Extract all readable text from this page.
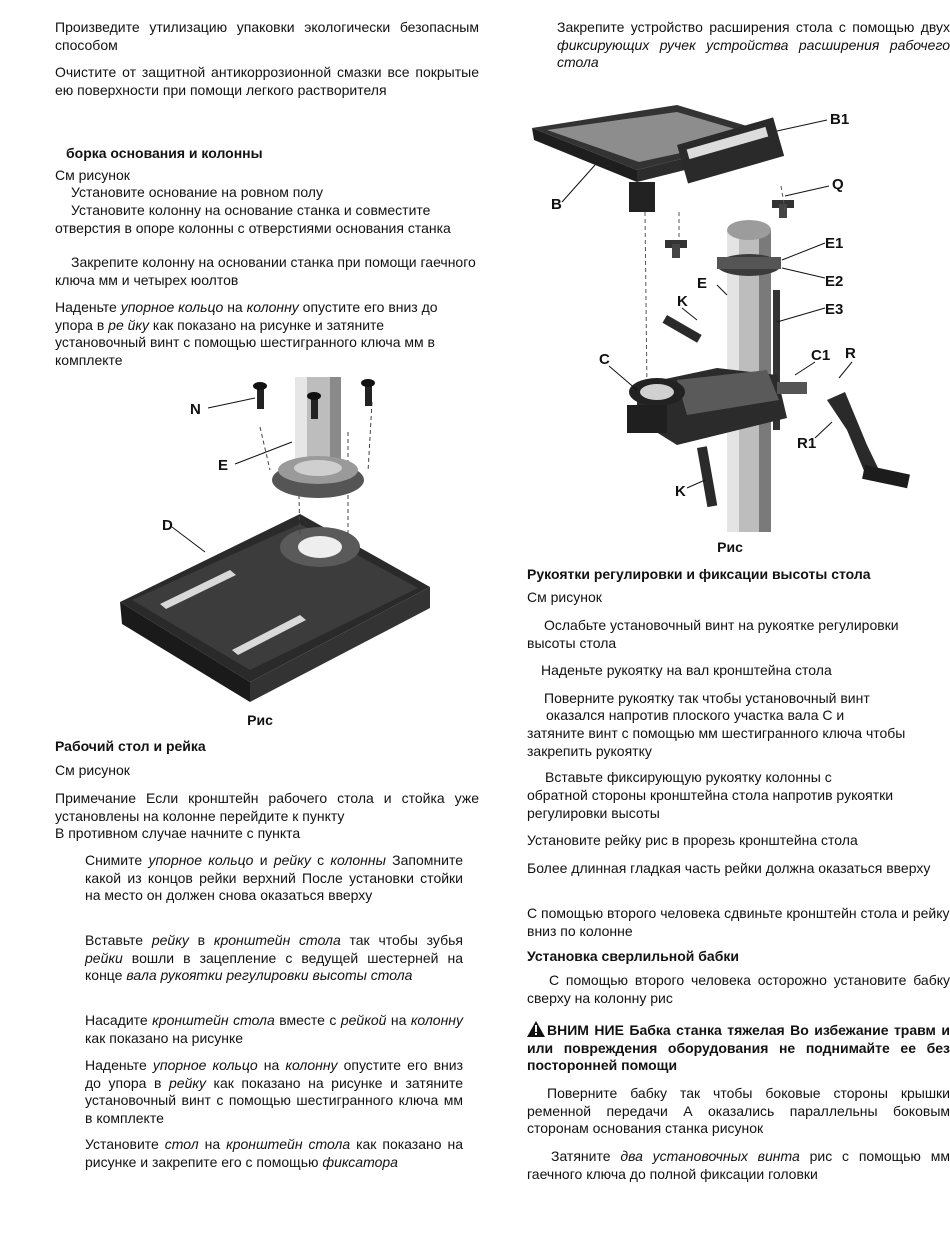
Произведите утилизацию упаковки экологически безопасным способом

Очистите от защитной антикоррозионной смазки все покрытые ею поверхности при помощи легкого растворителя

борка основания и колонны

См рисунок

Установите основание на ровном полу

Установите колонну на основание станка и совместите отверстия в опоре колонны с отверстиями основания станка

Закрепите колонну на основании станка при помощи гаечного ключа мм и четырех юолтов

Наденьте упорное кольцо на колонну опустите его вниз до упора в ре йку как показано на рисунке и затяните установочный винт с помощью шестигранного ключа мм в комплекте

N
E
D

Рис

Рабочий стол и рейка

См рисунок

Примечание Если кронштейн рабочего стола и стойка уже установлены на колонне перейдите к пункту

В противном случае начните с пункта

Снимите упорное кольцо и рейку с колонны Запомните какой из концов рейки верхний После установки стойки на место он должен снова оказаться вверху

Вставьте рейку в кронштейн стола так чтобы зубья рейки вошли в зацепление с ведущей шестерней на конце вала рукоятки регулировки высоты стола

Насадите кронштейн стола вместе с рейкой на колонну как показано на рисунке

Наденьте упорное кольцо на колонну опустите его вниз до упора в рейку как показано на рисунке и затяните установочный винт с помощью шестигранного ключа мм в комплекте

Установите стол на кронштейн стола как показано на рисунке и закрепите его с помощью фиксатора

Закрепите устройство расширения стола с помощью двух фиксирующих ручек устройства расширения рабочего стола

B1
Q
B
E1
E	E2
K	E3
C	C1 R
R1
K

Рис

Рукоятки регулировки и фиксации высоты стола

См рисунок

Ослабьте установочный винт на рукоятке регулировки высоты стола

Наденьте рукоятку на вал кронштейна стола

Поверните рукоятку так чтобы установочный винт

оказался напротив плоского участка вала C и

затяните винт с помощью мм шестигранного ключа чтобы закрепить рукоятку

Вставьте фиксирующую рукоятку колонны с

обратной стороны кронштейна стола напротив рукоятки регулировки высоты

Установите рейку рис в прорезь кронштейна стола

Более длинная гладкая часть рейки должна оказаться вверху

С помощью второго человека сдвиньте кронштейн стола и рейку вниз по колонне

Установка сверлильной бабки

С помощью второго человека осторожно установите бабку сверху на колонну рис

ВНИМ НИЕ Бабка станка тяжелая Во избежание травм и или повреждения оборудования не поднимайте ее без посторонней помощи

Поверните бабку так чтобы боковые стороны крышки ременной передачи А оказались параллельны боковым сторонам основания станка рисунок

Затяните два установочных винта рис с помощью мм гаечного ключа до полной фиксации головки
